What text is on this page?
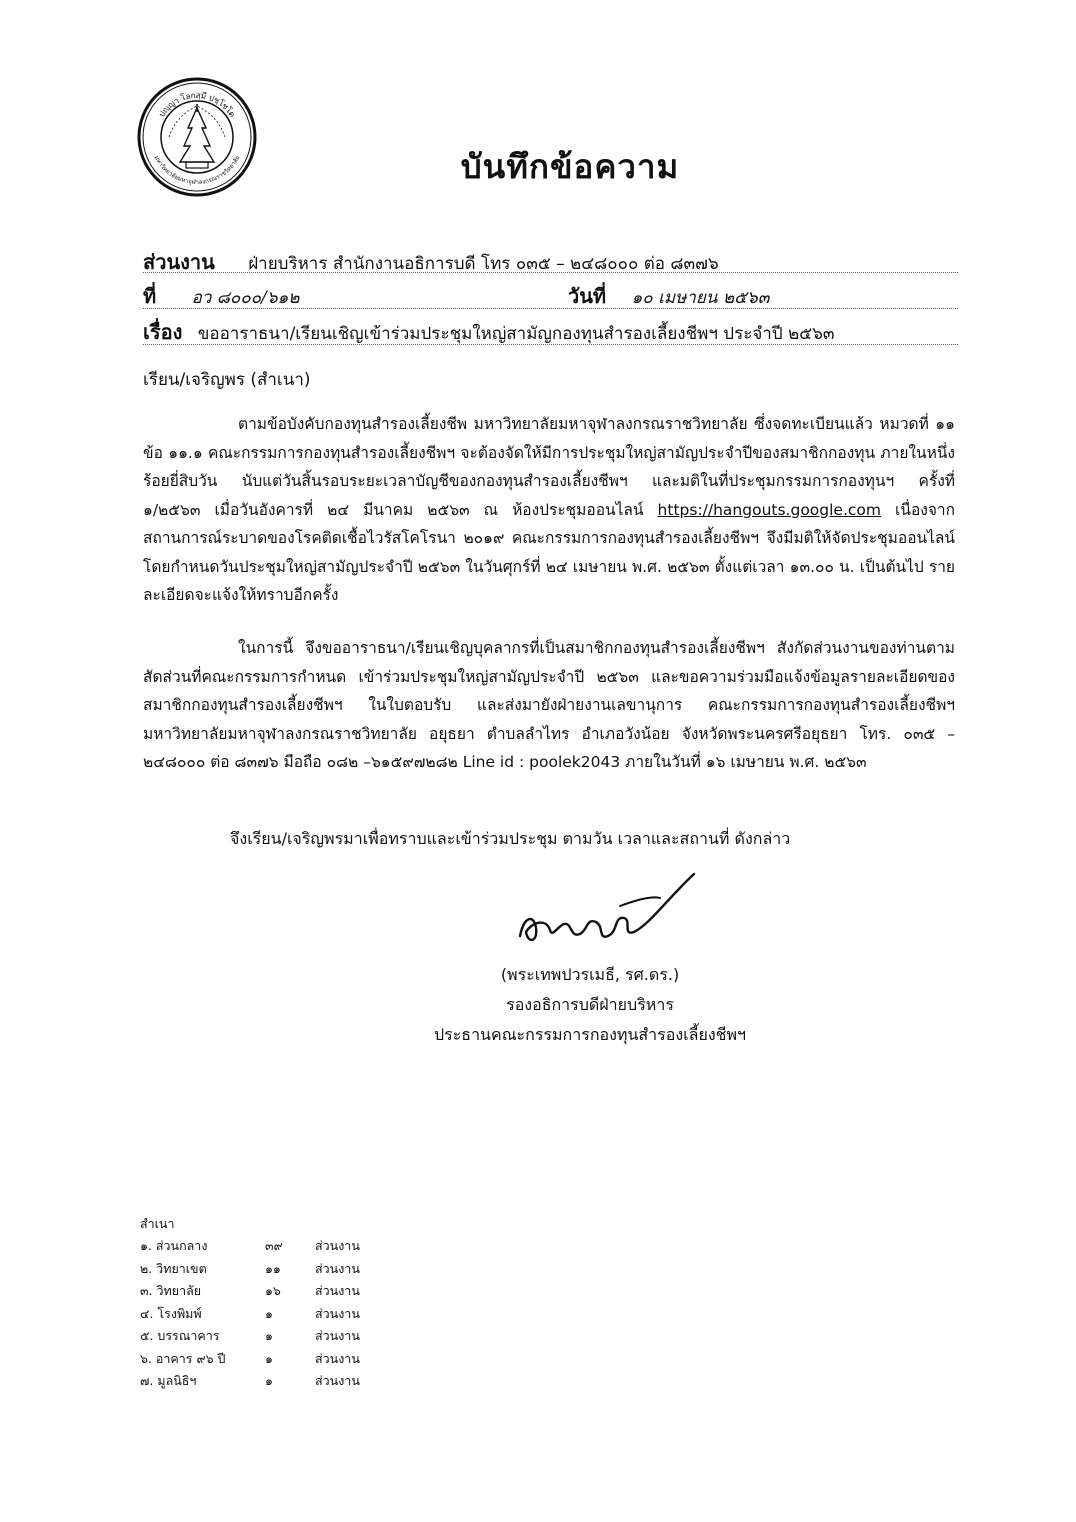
ปญฺญา โลกสฺมึ ปชฺโชโต
มหาวิทยาลัยมหาจุฬาลงกรณราชวิทยาลัย	บันทึกข้อความ
ส่วนงาน ฝ่ายบริหาร สำนักงานอธิการบดี โทร ๐๓๕ – ๒๔๘๐๐๐ ต่อ ๘๓๗๖
ที่ อว ๘๐๐๐/๖๑๒	วันที่ ๑๐ เมษายน ๒๕๖๓
เรื่อง ขออาราธนา/เรียนเชิญเข้าร่วมประชุมใหญ่สามัญกองทุนสำรองเลี้ยงชีพฯ ประจำปี ๒๕๖๓
เรียน/เจริญพร (สำเนา)
ตามข้อบังคับกองทุนสำรองเลี้ยงชีพ มหาวิทยาลัยมหาจุฬาลงกรณราชวิทยาลัย ซึ่งจดทะเบียนแล้ว หมวดที่ ๑๑ ข้อ ๑๑.๑ คณะกรรมการกองทุนสำรองเลี้ยงชีพฯ จะต้องจัดให้มีการประชุมใหญ่สามัญประจำปีของสมาชิกกองทุน ภายในหนึ่งร้อยยี่สิบวัน นับแต่วันสิ้นรอบระยะเวลาบัญชีของกองทุนสำรองเลี้ยงชีพฯ และมติในที่ประชุมกรรมการกองทุนฯ ครั้งที่ ๑/๒๕๖๓ เมื่อวันอังคารที่ ๒๔ มีนาคม ๒๕๖๓ ณ ห้องประชุมออนไลน์ https://hangouts.google.com เนื่องจากสถานการณ์ระบาดของโรคติดเชื้อไวรัสโคโรนา ๒๐๑๙ คณะกรรมการกองทุนสำรองเลี้ยงชีพฯ จึงมีมติให้จัดประชุมออนไลน์ โดยกำหนดวันประชุมใหญ่สามัญประจำปี ๒๕๖๓ ในวันศุกร์ที่ ๒๔ เมษายน พ.ศ. ๒๕๖๓ ตั้งแต่เวลา ๑๓.๐๐ น. เป็นต้นไป รายละเอียดจะแจ้งให้ทราบอีกครั้ง
ในการนี้ จึงขออาราธนา/เรียนเชิญบุคลากรที่เป็นสมาชิกกองทุนสำรองเลี้ยงชีพฯ สังกัดส่วนงานของท่านตามสัดส่วนที่คณะกรรมการกำหนด เข้าร่วมประชุมใหญ่สามัญประจำปี ๒๕๖๓ และขอความร่วมมือแจ้งข้อมูลรายละเอียดของสมาชิกกองทุนสำรองเลี้ยงชีพฯ ในใบตอบรับ และส่งมายังฝ่ายงานเลขานุการ คณะกรรมการกองทุนสำรองเลี้ยงชีพฯ มหาวิทยาลัยมหาจุฬาลงกรณราชวิทยาลัย อยุธยา ตำบลลำไทร อำเภอวังน้อย จังหวัดพระนครศรีอยุธยา โทร. ๐๓๕ – ๒๔๘๐๐๐ ต่อ ๘๓๗๖ มือถือ ๐๘๒ –๖๑๕๙๗๒๘๒ Line id : poolek2043 ภายในวันที่ ๑๖ เมษายน พ.ศ. ๒๕๖๓
จึงเรียน/เจริญพรมาเพื่อทราบและเข้าร่วมประชุม ตามวัน เวลาและสถานที่ ดังกล่าว
(พระเทพปวรเมธี, รศ.ดร.)
รองอธิการบดีฝ่ายบริหาร
ประธานคณะกรรมการกองทุนสำรองเลี้ยงชีพฯ
สำเนา
๑. ส่วนกลาง	๓๙	ส่วนงาน
๒. วิทยาเขต	๑๑	ส่วนงาน
๓. วิทยาลัย	๑๖	ส่วนงาน
๔. โรงพิมพ์	๑	ส่วนงาน
๕. บรรณาคาร	๑	ส่วนงาน
๖. อาคาร ๙๖ ปี	๑	ส่วนงาน
๗. มูลนิธิฯ	๑	ส่วนงาน
